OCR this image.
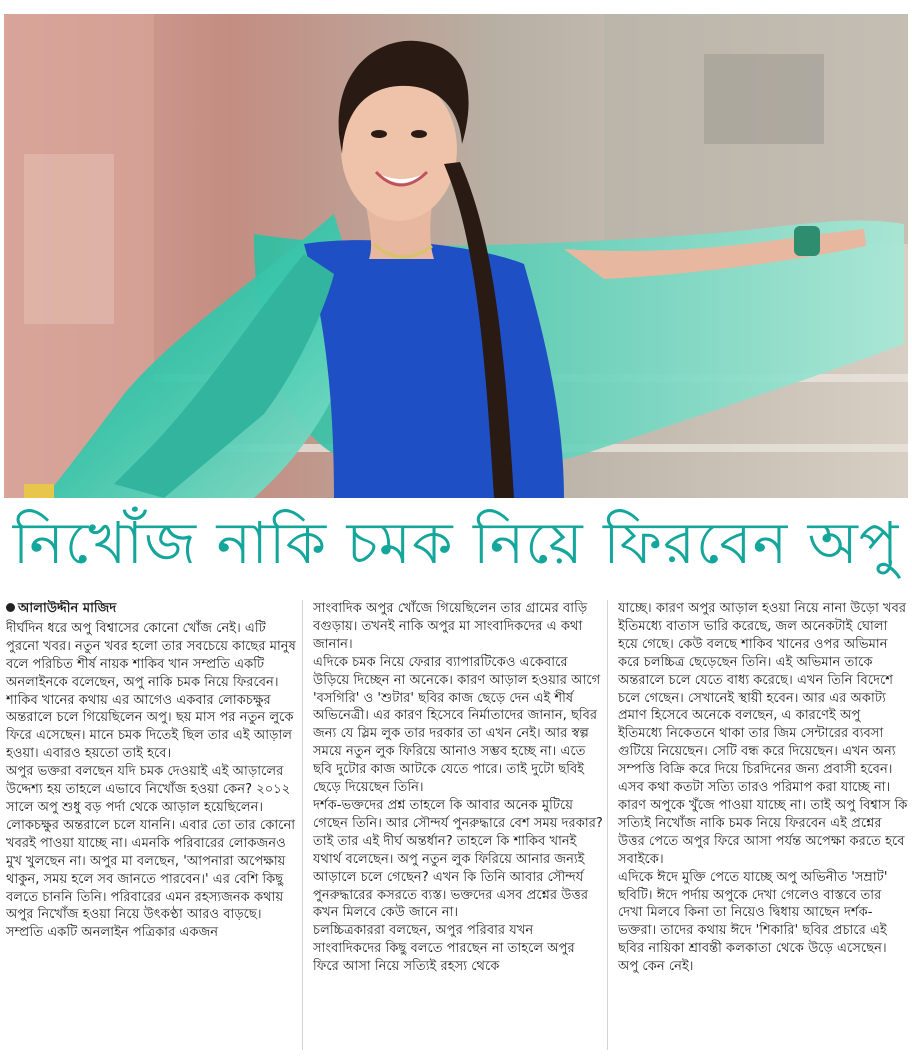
নিখোঁজ নাকি চমক নিয়ে ফিরবেন অপু

আলাউদ্দীন মাজিদ

দীর্ঘদিন ধরে অপু বিশ্বাসের কোনো খোঁজ নেই। এটি পুরনো খবর। নতুন খবর হলো তার সবচেয়ে কাছের মানুষ বলে পরিচিত শীর্ষ নায়ক শাকিব খান সম্প্রতি একটি অনলাইনকে বলেছেন, অপু নাকি চমক নিয়ে ফিরবেন।

শাকিব খানের কথায় এর আগেও একবার লোকচক্ষুর অন্তরালে চলে গিয়েছিলেন অপু। ছয় মাস পর নতুন লুকে ফিরে এসেছেন। মানে চমক দিতেই ছিল তার এই আড়াল হওয়া। এবারও হয়তো তাই হবে।

অপুর ভক্তরা বলছেন যদি চমক দেওয়াই এই আড়ালের উদ্দেশ্য হয় তাহলে এভাবে নিখোঁজ হওয়া কেন? ২০১২ সালে অপু শুধু বড় পর্দা থেকে আড়াল হয়েছিলেন। লোকচক্ষুর অন্তরালে চলে যাননি। এবার তো তার কোনো খবরই পাওয়া যাচ্ছে না। এমনকি পরিবারের লোকজনও মুখ খুলছেন না। অপুর মা বলছেন, 'আপনারা অপেক্ষায় থাকুন, সময় হলে সব জানতে পারবেন।' এর বেশি কিছু বলতে চাননি তিনি। পরিবারের এমন রহস্যজনক কথায় অপুর নিখোঁজ হওয়া নিয়ে উৎকণ্ঠা আরও বাড়ছে।

সম্প্রতি একটি অনলাইন পত্রিকার একজন

সাংবাদিক অপুর খোঁজে গিয়েছিলেন তার গ্রামের বাড়ি বগুড়ায়। তখনই নাকি অপুর মা সাংবাদিকদের এ কথা জানান।

এদিকে চমক নিয়ে ফেরার ব্যাপারটিকেও একেবারে উড়িয়ে দিচ্ছেন না অনেকে। কারণ আড়াল হওয়ার আগে 'বসগিরি' ও 'শুটার' ছবির কাজ ছেড়ে দেন এই শীর্ষ অভিনেত্রী। এর কারণ হিসেবে নির্মাতাদের জানান, ছবির জন্য যে স্লিম লুক তার দরকার তা এখন নেই। আর স্বল্প সময়ে নতুন লুক ফিরিয়ে আনাও সম্ভব হচ্ছে না। এতে ছবি দুটোর কাজ আটকে যেতে পারে। তাই দুটো ছবিই ছেড়ে দিয়েছেন তিনি।

দর্শক-ভক্তদের প্রশ্ন তাহলে কি আবার অনেক মুটিয়ে গেছেন তিনি। আর সৌন্দর্য পুনরুদ্ধারে বেশ সময় দরকার? তাই তার এই দীর্ঘ অন্তর্ধান? তাহলে কি শাকিব খানই যথার্থ বলেছেন। অপু নতুন লুক ফিরিয়ে আনার জন্যই আড়ালে চলে গেছেন? এখন কি তিনি আবার সৌন্দর্য পুনরুদ্ধারের কসরতে ব্যস্ত। ভক্তদের এসব প্রশ্নের উত্তর কখন মিলবে কেউ জানে না।

চলচ্চিত্রকাররা বলছেন, অপুর পরিবার যখন সাংবাদিকদের কিছু বলতে পারছেন না তাহলে অপুর ফিরে আসা নিয়ে সত্যিই রহস্য থেকে

যাচ্ছে। কারণ অপুর আড়াল হওয়া নিয়ে নানা উড়ো খবর ইতিমধ্যে বাতাস ভারি করেছে, জল অনেকটাই ঘোলা হয়ে গেছে। কেউ বলছে শাকিব খানের ওপর অভিমান করে চলচ্চিত্র ছেড়েছেন তিনি। এই অভিমান তাকে অন্তরালে চলে যেতে বাধ্য করেছে। এখন তিনি বিদেশে চলে গেছেন। সেখানেই স্থায়ী হবেন। আর এর অকাট্য প্রমাণ হিসেবে অনেকে বলছেন, এ কারণেই অপু ইতিমধ্যে নিকেতনে থাকা তার জিম সেন্টারের ব্যবসা গুটিয়ে নিয়েছেন। সেটি বন্ধ করে দিয়েছেন। এখন অন্য সম্পত্তি বিক্রি করে দিয়ে চিরদিনের জন্য প্রবাসী হবেন। এসব কথা কতটা সত্যি তারও পরিমাপ করা যাচ্ছে না। কারণ অপুকে খুঁজে পাওয়া যাচ্ছে না। তাই অপু বিশ্বাস কি সত্যিই নিখোঁজ নাকি চমক নিয়ে ফিরবেন এই প্রশ্নের উত্তর পেতে অপুর ফিরে আসা পর্যন্ত অপেক্ষা করতে হবে সবাইকে।

এদিকে ঈদে মুক্তি পেতে যাচ্ছে অপু অভিনীত 'সম্রাট' ছবিটি। ঈদে পর্দায় অপুকে দেখা গেলেও বাস্তবে তার দেখা মিলবে কিনা তা নিয়েও দ্বিধায় আছেন দর্শক-ভক্তরা। তাদের কথায় ঈদে 'শিকারি' ছবির প্রচারে এই ছবির নায়িকা শ্রাবন্তী কলকাতা থেকে উড়ে এসেছেন। অপু কেন নেই।
